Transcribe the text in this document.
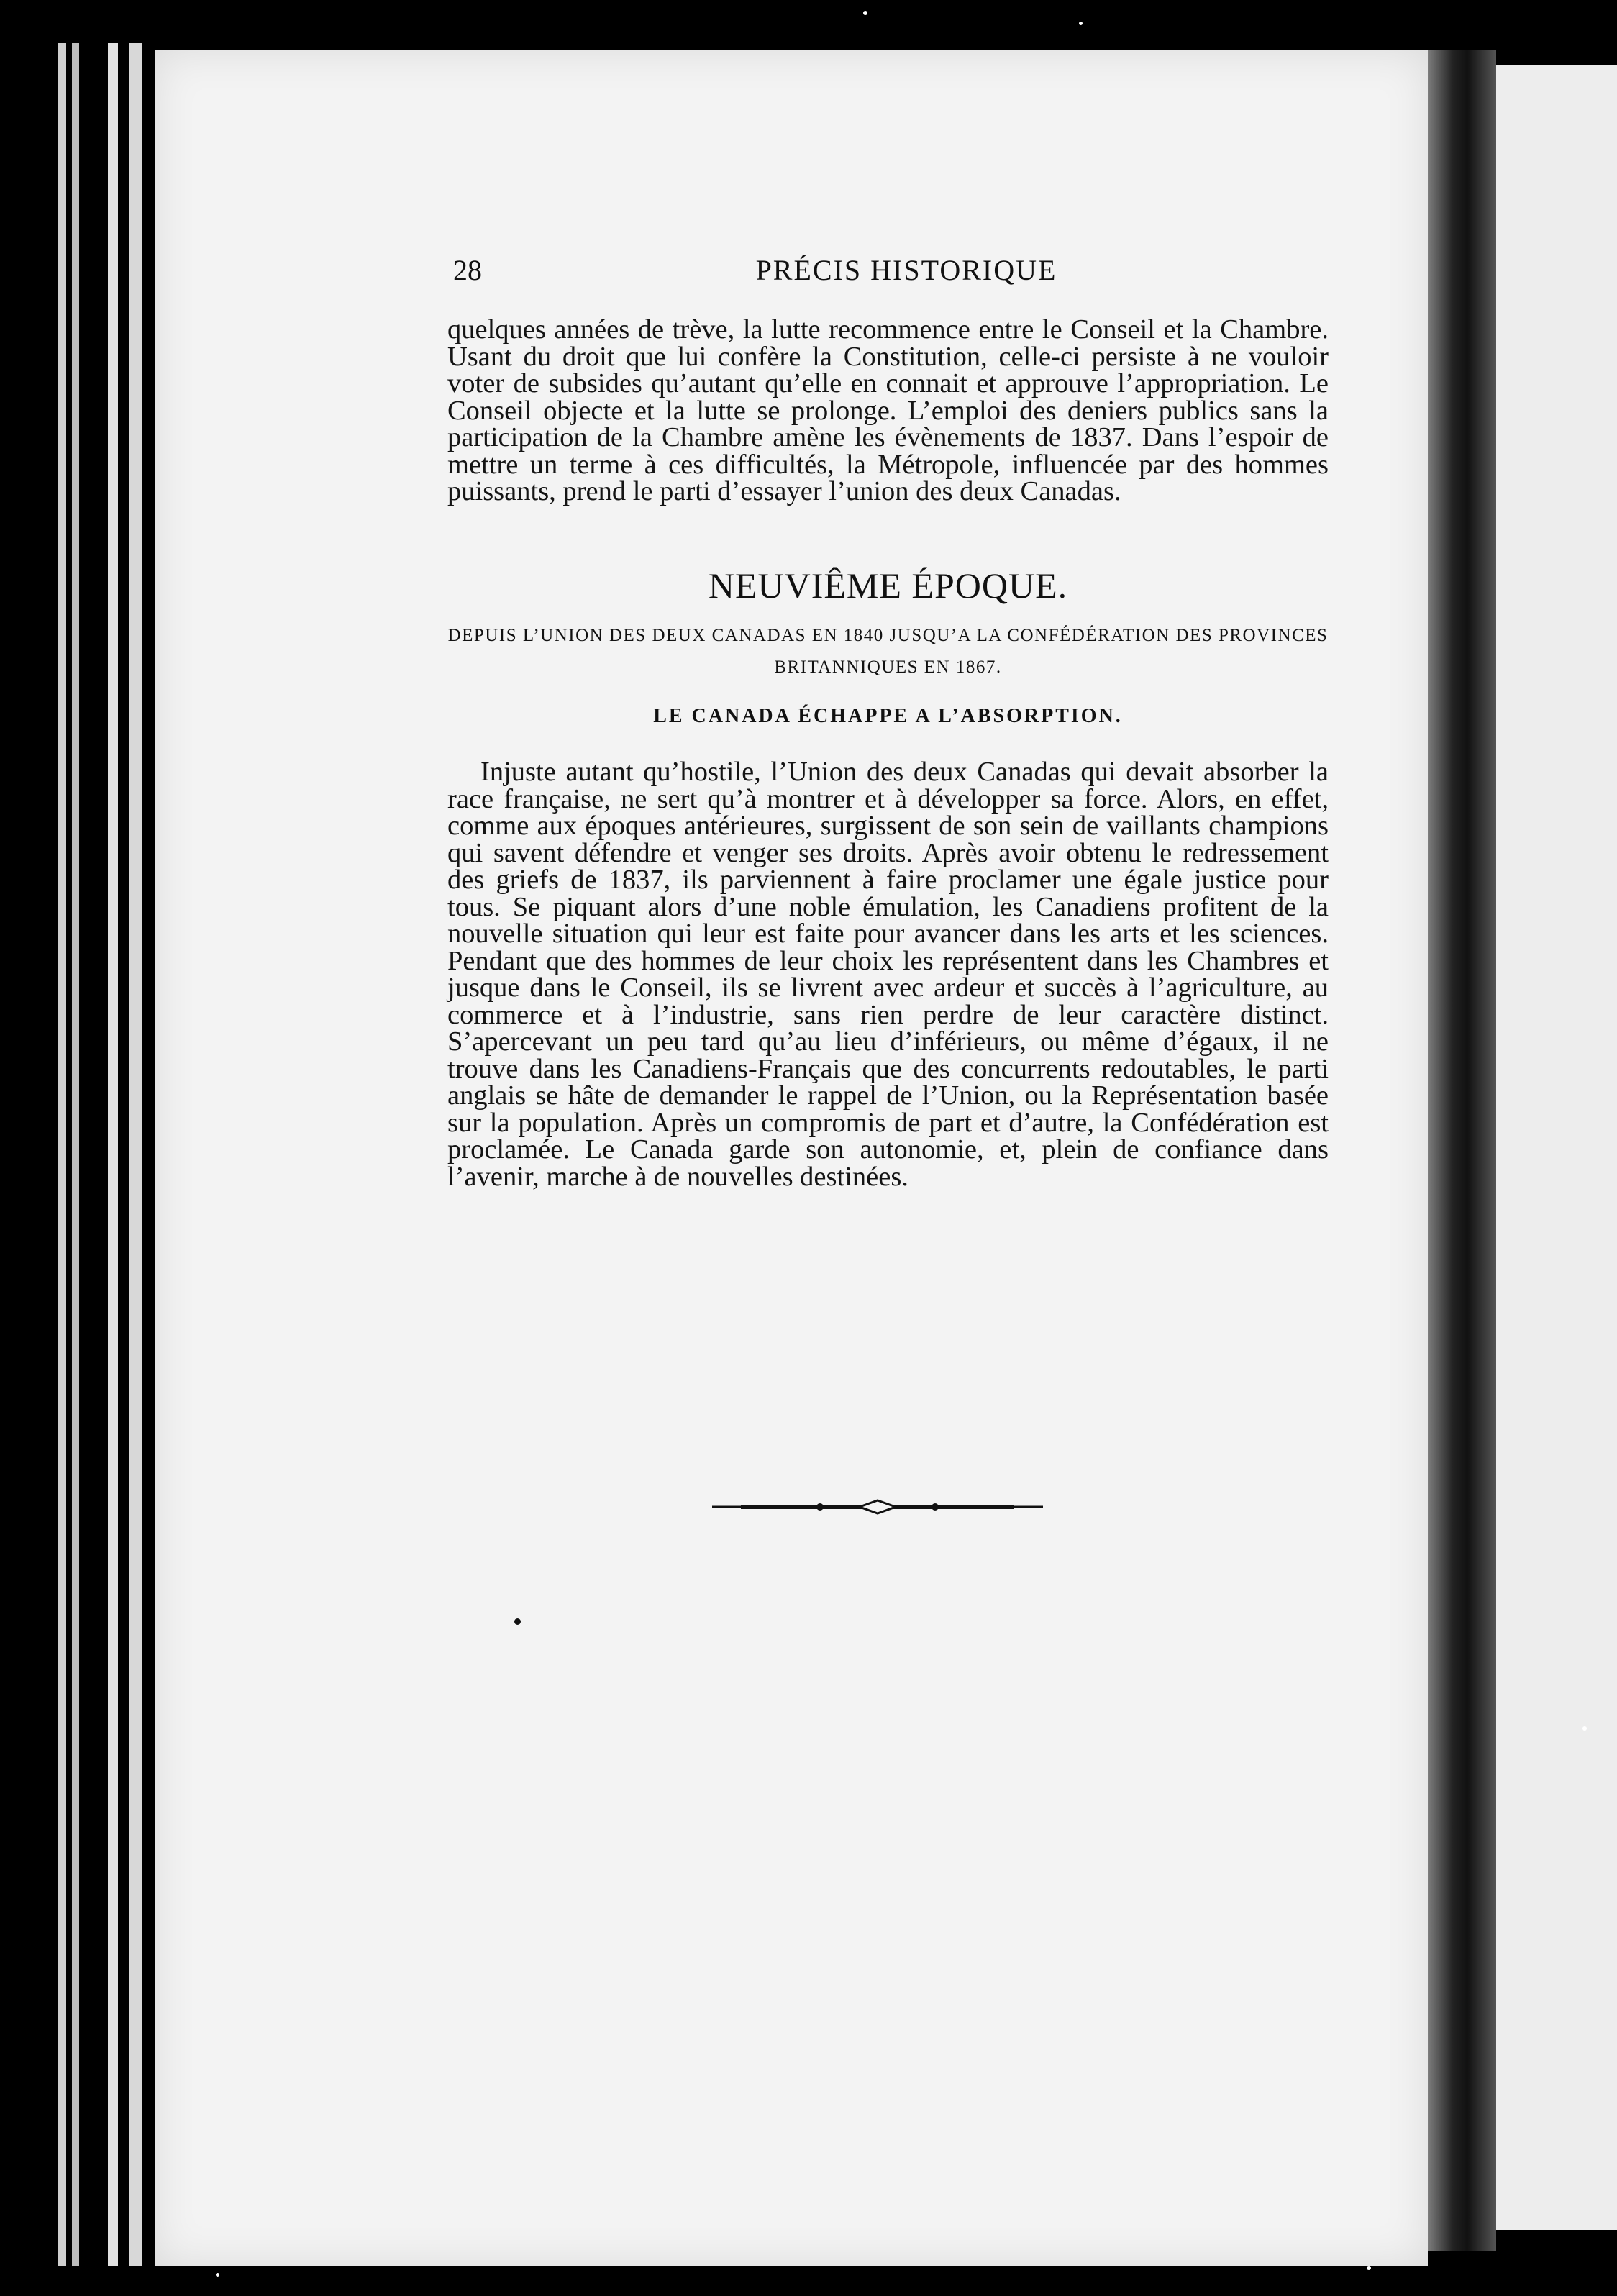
28	PRÉCIS HISTORIQUE
quelques années de trève, la lutte recommence entre le Conseil et la Chambre. Usant du droit que lui confère la Constitution, celle-ci persiste à ne vouloir voter de subsides qu’autant qu’elle en connait et approuve l’appropriation. Le Conseil objecte et la lutte se prolonge. L’emploi des deniers publics sans la participation de la Chambre amène les évènements de 1837. Dans l’espoir de mettre un terme à ces difficultés, la Métropole, influencée par des hommes puissants, prend le parti d’essayer l’union des deux Canadas.
NEUVIÊME ÉPOQUE.
DEPUIS L’UNION DES DEUX CANADAS EN 1840 JUSQU’A LA CONFÉDÉRATION DES PROVINCES BRITANNIQUES EN 1867.
LE CANADA ÉCHAPPE A L’ABSORPTION.
Injuste autant qu’hostile, l’Union des deux Canadas qui devait absorber la race française, ne sert qu’à montrer et à développer sa force. Alors, en effet, comme aux époques antérieures, surgissent de son sein de vaillants champions qui savent défendre et venger ses droits. Après avoir obtenu le redressement des griefs de 1837, ils parviennent à faire proclamer une égale justice pour tous. Se piquant alors d’une noble émulation, les Canadiens profitent de la nouvelle situation qui leur est faite pour avancer dans les arts et les sciences. Pendant que des hommes de leur choix les représentent dans les Chambres et jusque dans le Conseil, ils se livrent avec ardeur et succès à l’agriculture, au commerce et à l’industrie, sans rien perdre de leur caractère distinct. S’apercevant un peu tard qu’au lieu d’inférieurs, ou même d’égaux, il ne trouve dans les Canadiens-Français que des concurrents redoutables, le parti anglais se hâte de demander le rappel de l’Union, ou la Représentation basée sur la population. Après un compromis de part et d’autre, la Confédération est proclamée. Le Canada garde son autonomie, et, plein de confiance dans l’avenir, marche à de nouvelles destinées.
